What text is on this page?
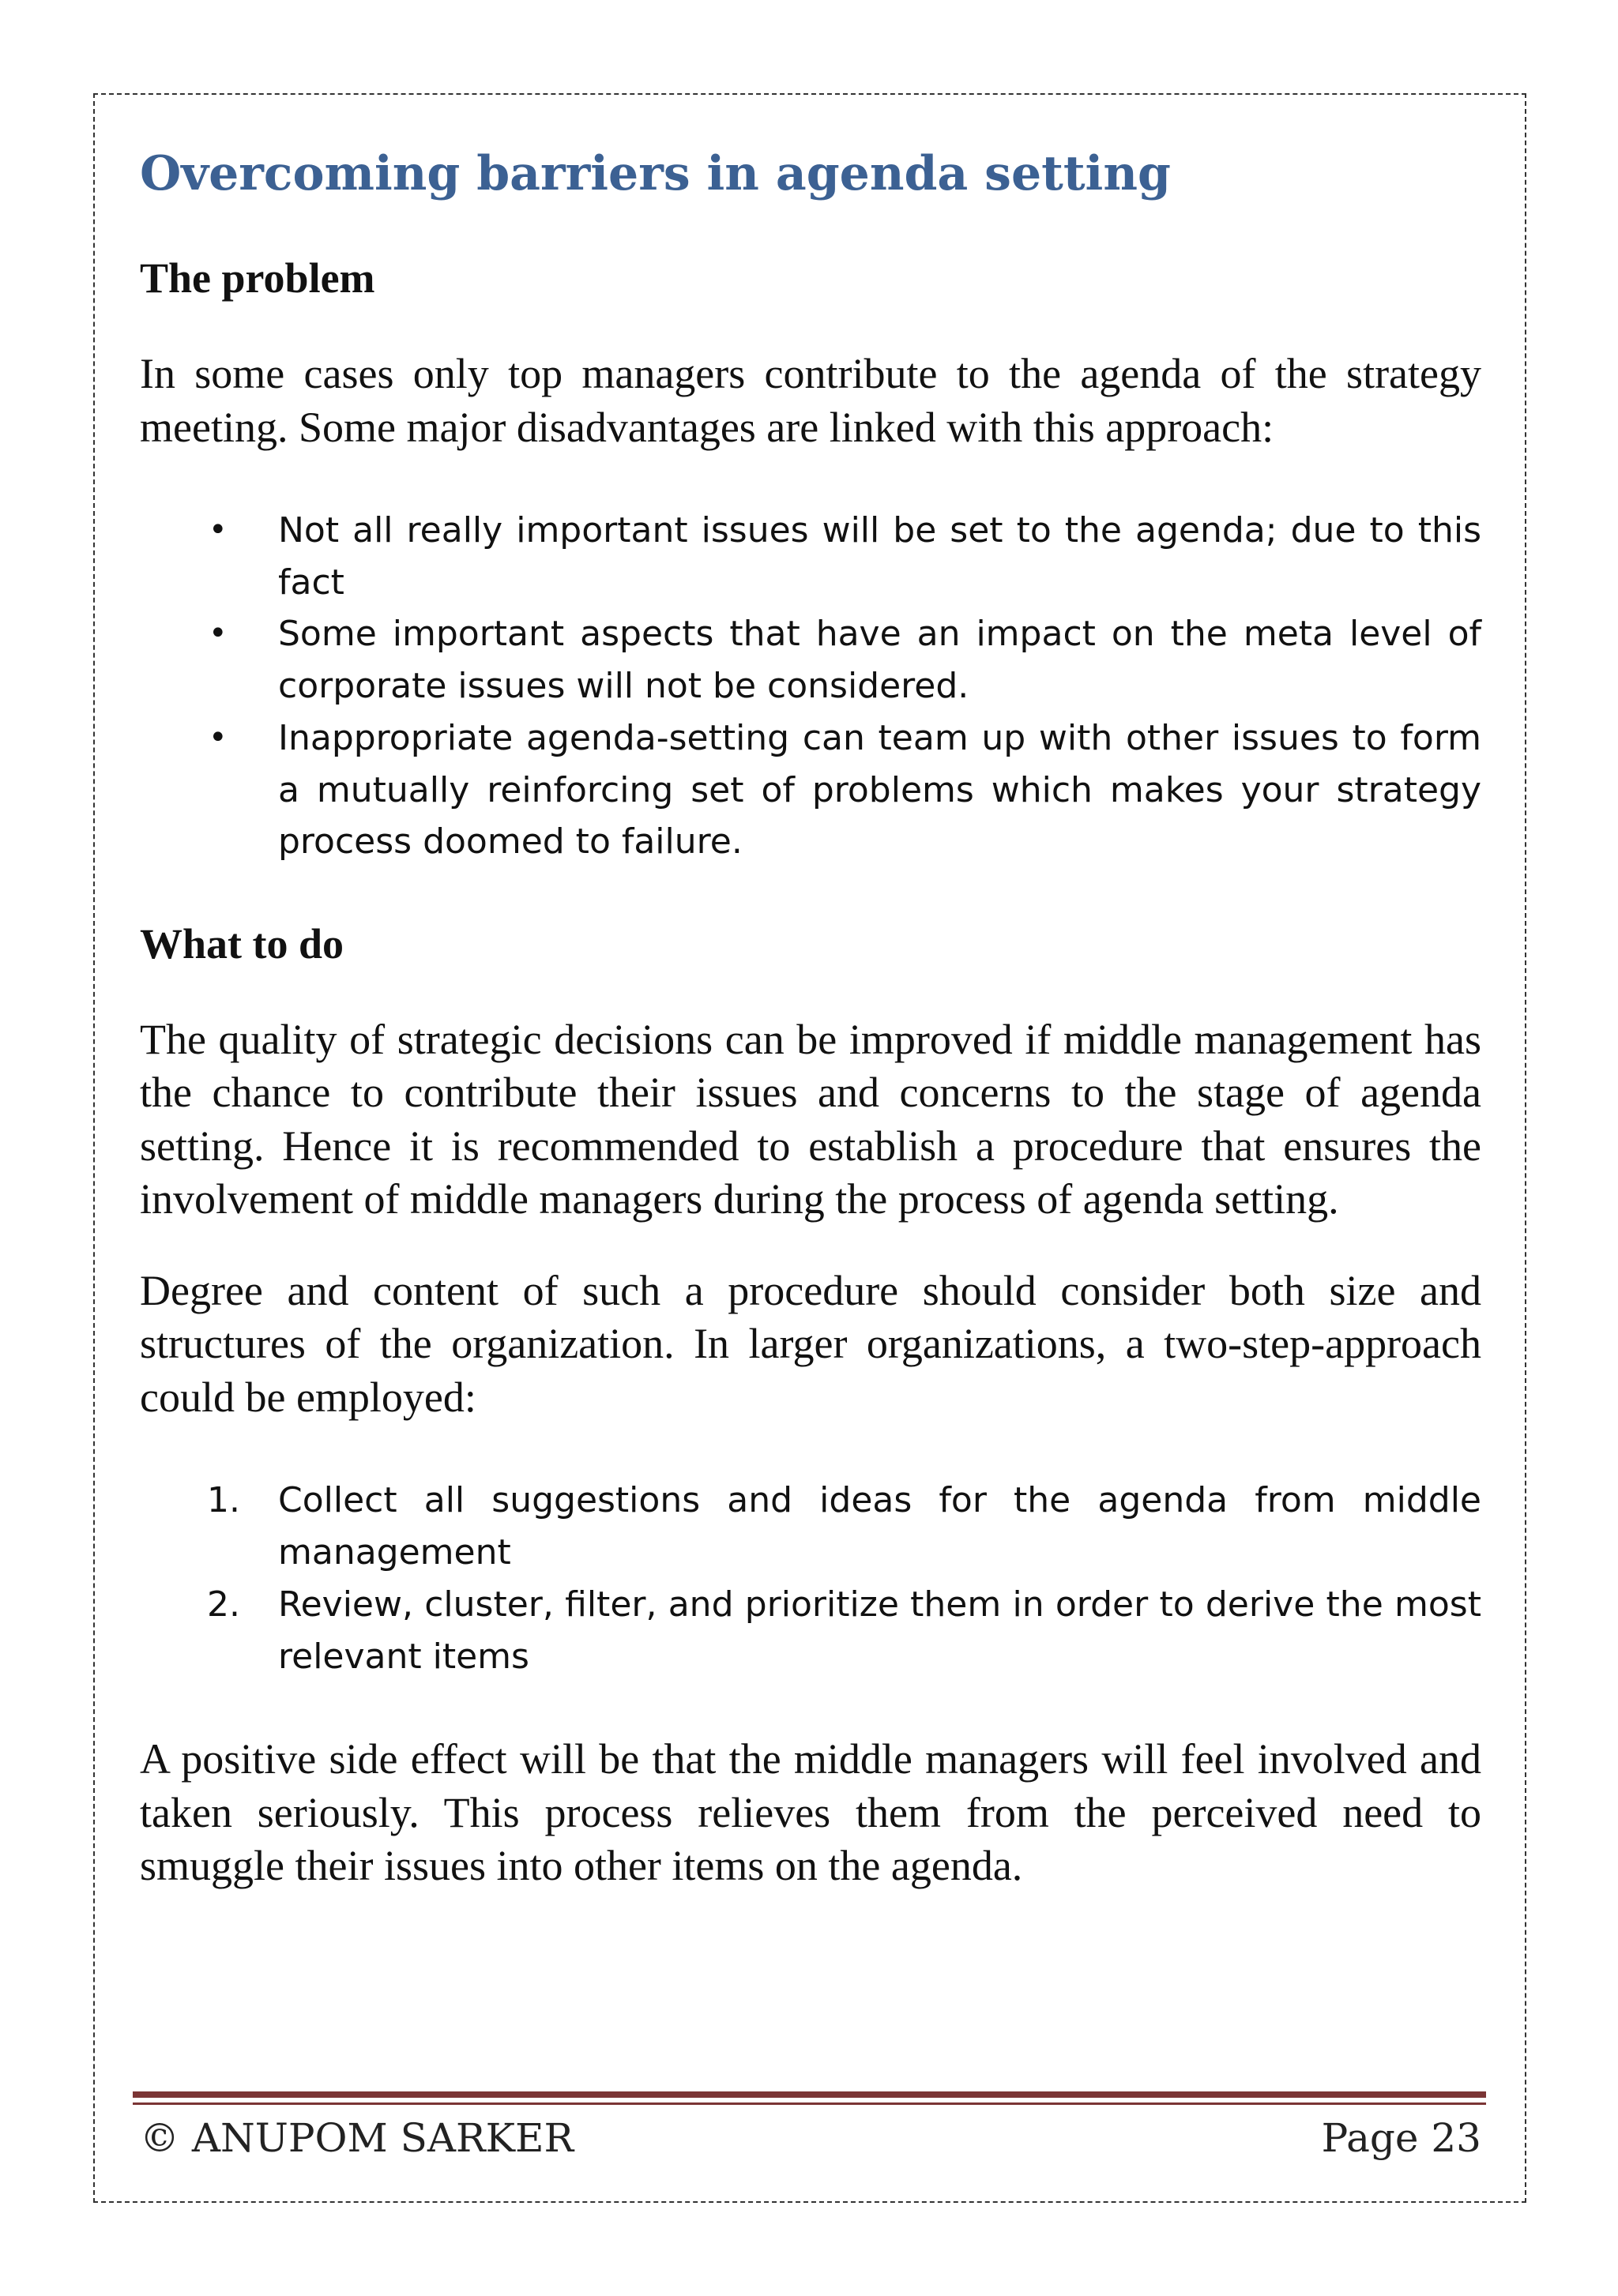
Overcoming barriers in agenda setting
The problem

In some cases only top managers contribute to the agenda of the strategy meeting. Some major disadvantages are linked with this approach:

• Not all really important issues will be set to the agenda; due to this fact
• Some important aspects that have an impact on the meta level of corporate issues will not be considered.
• Inappropriate agenda-setting can team up with other issues to form a mutually reinforcing set of problems which makes your strategy process doomed to failure.
What to do

The quality of strategic decisions can be improved if middle management has the chance to contribute their issues and concerns to the stage of agenda setting. Hence it is recommended to establish a procedure that ensures the involvement of middle managers during the process of agenda setting.

Degree and content of such a procedure should consider both size and structures of the organization. In larger organizations, a two-step-approach could be employed:

1. Collect all suggestions and ideas for the agenda from middle management
2. Review, cluster, filter, and prioritize them in order to derive the most relevant items

A positive side effect will be that the middle managers will feel involved and taken seriously. This process relieves them from the perceived need to smuggle their issues into other items on the agenda.

© ANUPOM SARKER	Page 23
